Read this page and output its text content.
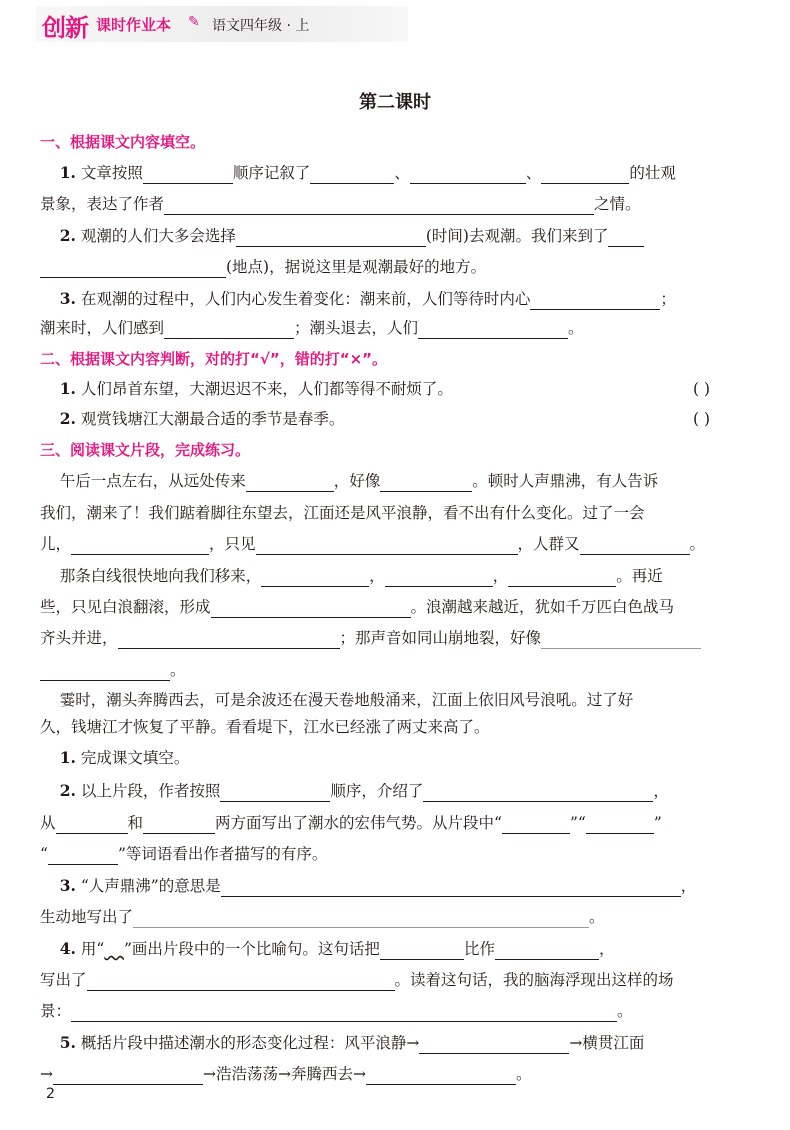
创新 课时作业本 ✎ 语文四年级 · 上
第二课时
一、根据课文内容填空。
1. 文章按照	顺序记叙了	、	、	的壮观
景象，表达了作者	之情。
2. 观潮的人们大多会选择	(时间)去观潮。我们来到了
(地点)，据说这里是观潮最好的地方。
3. 在观潮的过程中，人们内心发生着变化：潮来前，人们等待时内心	；
潮来时，人们感到	；潮头退去，人们	。
二、根据课文内容判断，对的打“√”，错的打“×”。
1. 人们昂首东望，大潮迟迟不来，人们都等得不耐烦了。	( )
2. 观赏钱塘江大潮最合适的季节是春季。	( )
三、阅读课文片段，完成练习。
午后一点左右，从远处传来	，好像	。顿时人声鼎沸，有人告诉
我们，潮来了！我们踮着脚往东望去，江面还是风平浪静，看不出有什么变化。过了一会
儿，	，只见	，人群又	。
那条白线很快地向我们移来，	，	，	。再近
些，只见白浪翻滚，形成	。浪潮越来越近，犹如千万匹白色战马
齐头并进，	；那声音如同山崩地裂，好像
。
霎时，潮头奔腾西去，可是余波还在漫天卷地般涌来，江面上依旧风号浪吼。过了好
久，钱塘江才恢复了平静。看看堤下，江水已经涨了两丈来高了。
1. 完成课文填空。
2. 以上片段，作者按照	顺序，介绍了	，
从	和	两方面写出了潮水的宏伟气势。从片段中“	”“	”
“	”等词语看出作者描写的有序。
3. “人声鼎沸”的意思是	，
生动地写出了	。
4. 用“ ”画出片段中的一个比喻句。这句话把	比作	，
写出了	。读着这句话，我的脑海浮现出这样的场
景：	。
5. 概括片段中描述潮水的形态变化过程：风平浪静→	→横贯江面
→	→浩浩荡荡→奔腾西去→	。
2
